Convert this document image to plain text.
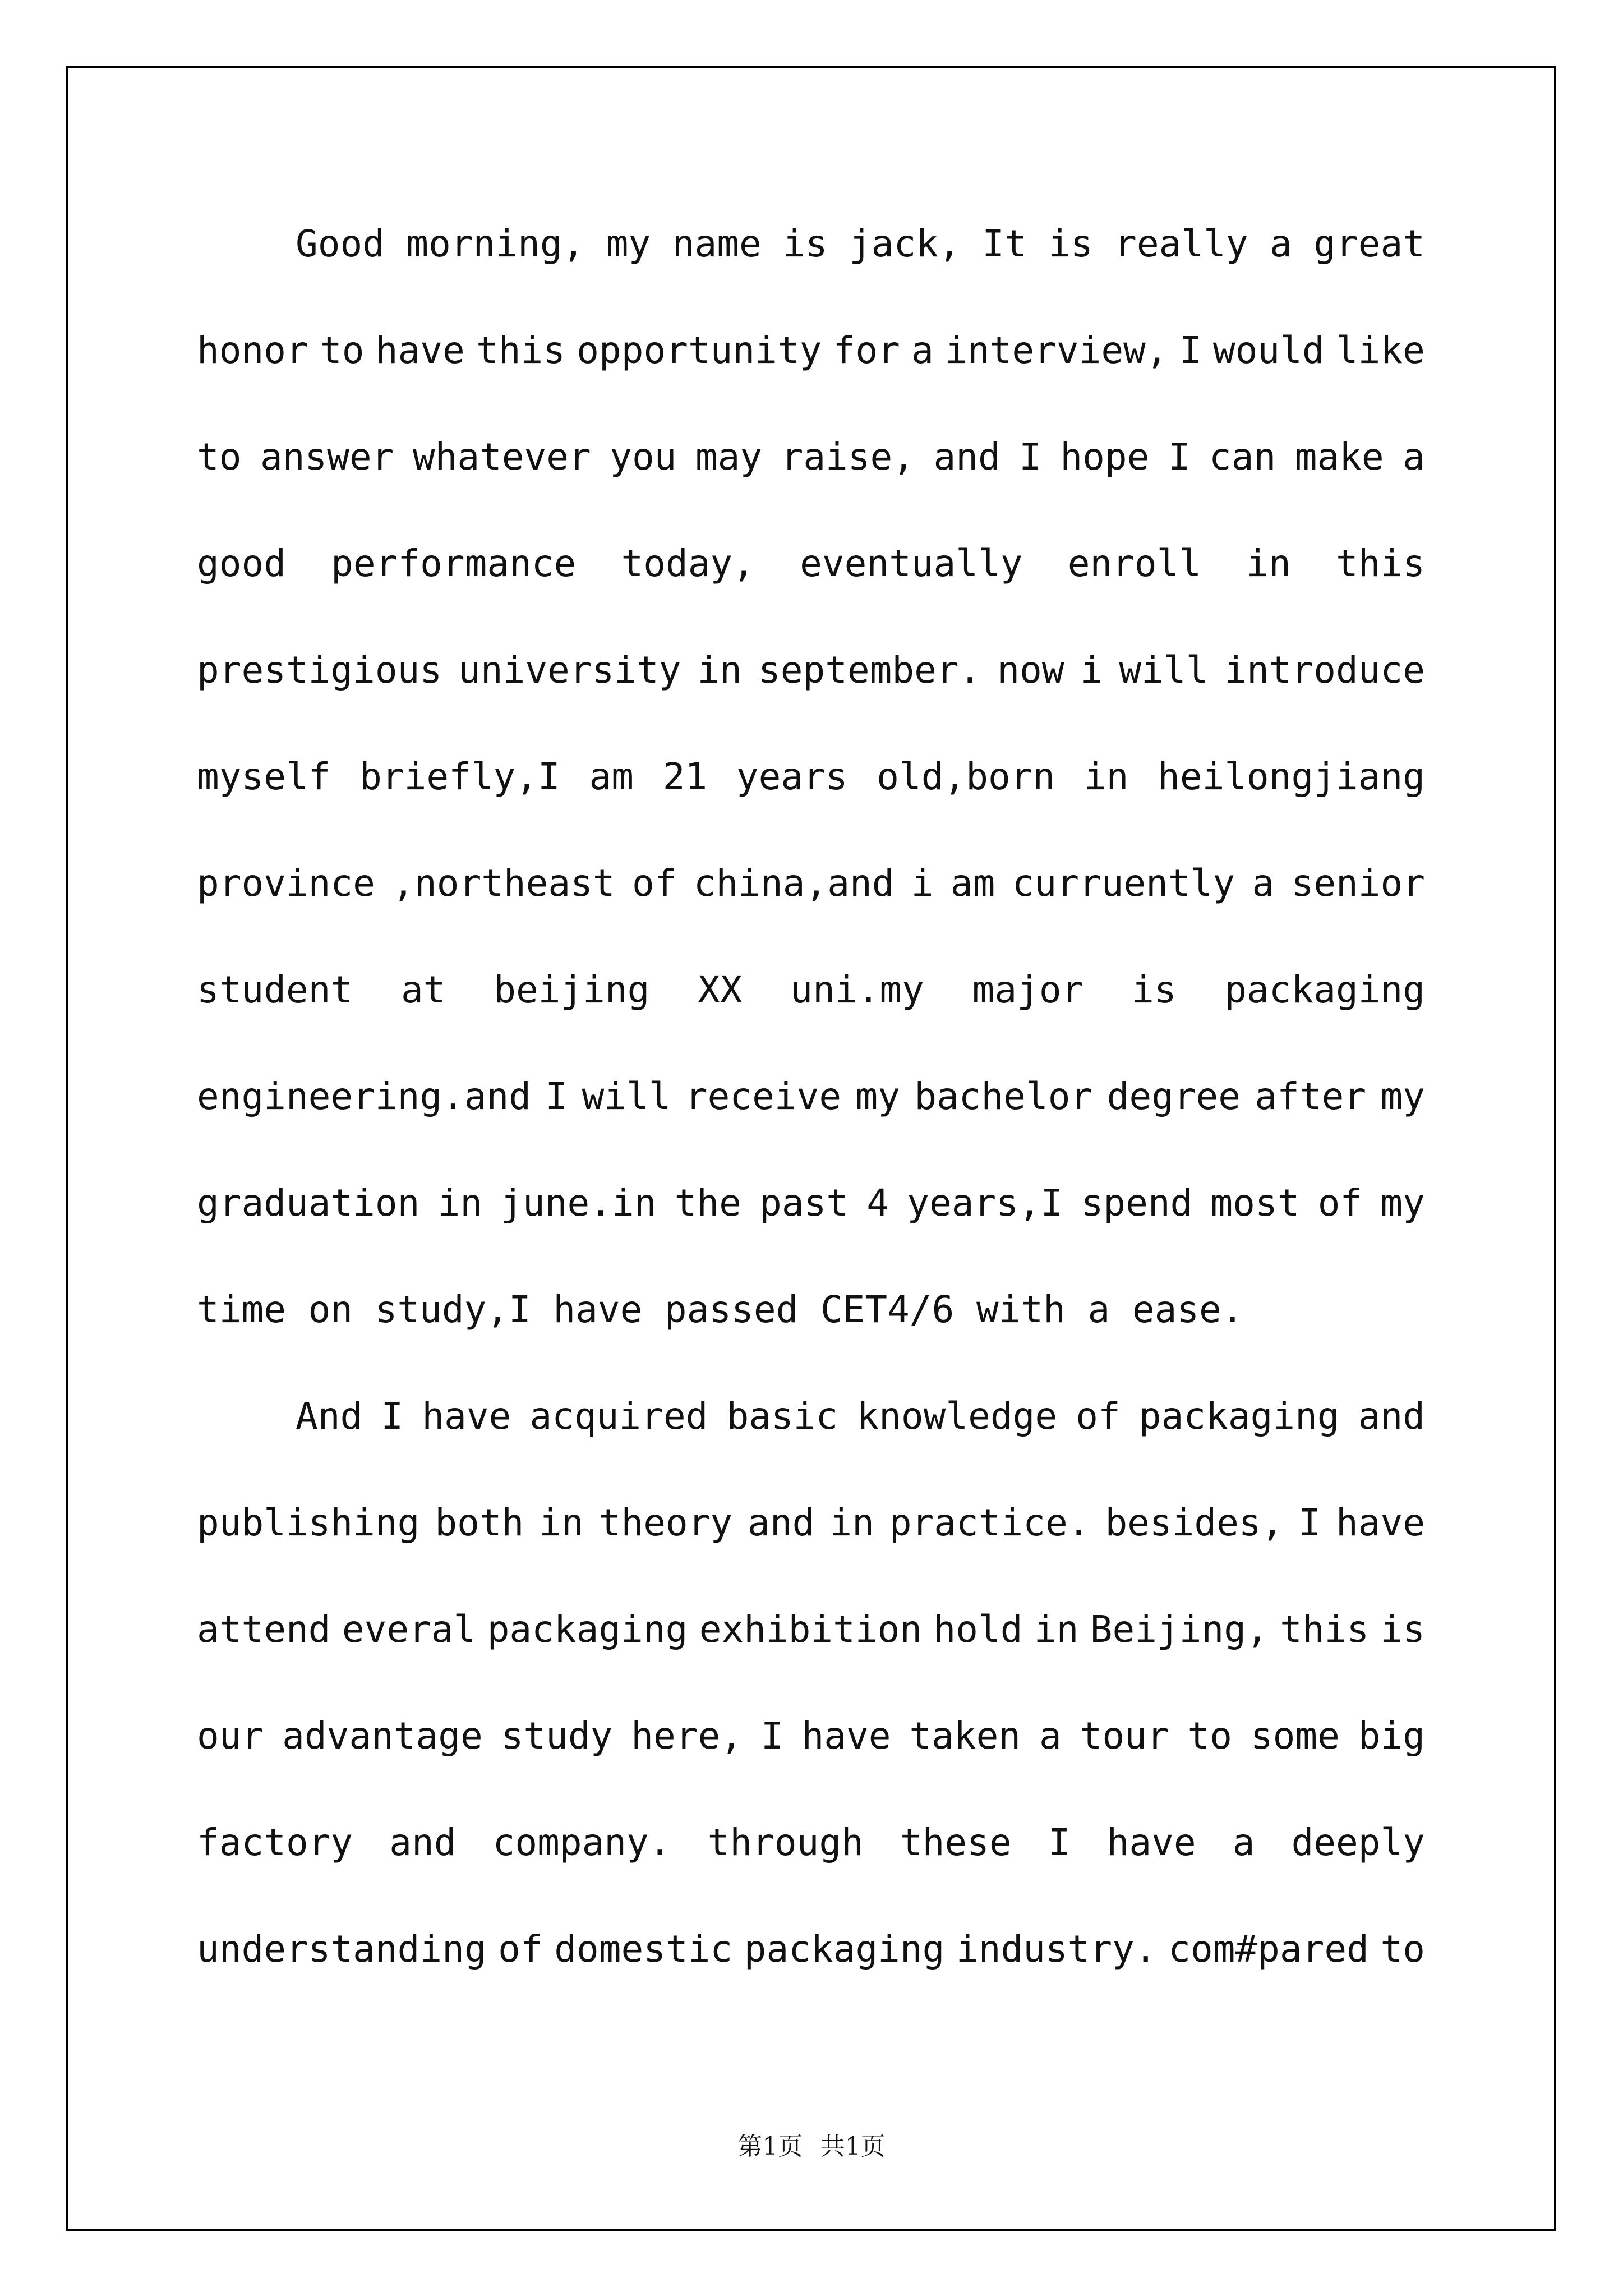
Good morning, my name is jack, It is really a great
honor to have this opportunity for a interview, I would like
to answer whatever you may raise, and I hope I can make a
good performance today, eventually enroll in this
prestigious university in september. now i will introduce
myself briefly,I am 21 years old,born in heilongjiang
province ,northeast of china,and i am curruently a senior
student at beijing XX uni.my major is packaging
engineering.and I will receive my bachelor degree after my
graduation in june.in the past 4 years,I spend most of my
time on study,I have passed CET4/6 with a ease.
And I have acquired basic knowledge of packaging and
publishing both in theory and in practice. besides, I have
attend everal packaging exhibition hold in Beijing, this is
our advantage study here, I have taken a tour to some big
factory and company. through these I have a deeply
understanding of domestic packaging industry. com#pared to
第1页 共1页
